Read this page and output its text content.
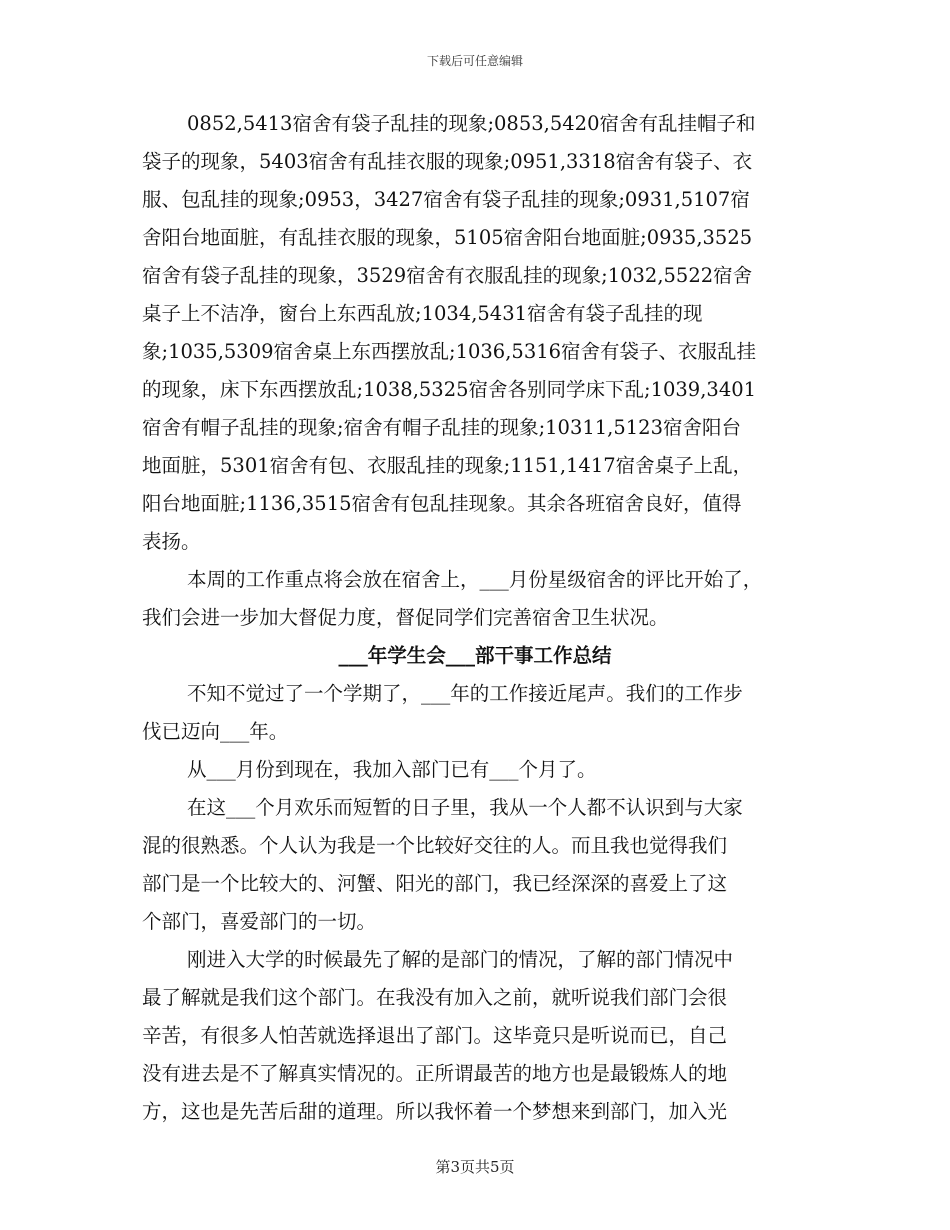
下载后可任意编辑
0852,5413宿舍有袋子乱挂的现象;0853,5420宿舍有乱挂帽子和
袋子的现象，5403宿舍有乱挂衣服的现象;0951,3318宿舍有袋子、衣
服、包乱挂的现象;0953，3427宿舍有袋子乱挂的现象;0931,5107宿
舍阳台地面脏，有乱挂衣服的现象，5105宿舍阳台地面脏;0935,3525
宿舍有袋子乱挂的现象，3529宿舍有衣服乱挂的现象;1032,5522宿舍
桌子上不洁净，窗台上东西乱放;1034,5431宿舍有袋子乱挂的现
象;1035,5309宿舍桌上东西摆放乱;1036,5316宿舍有袋子、衣服乱挂
的现象，床下东西摆放乱;1038,5325宿舍各别同学床下乱;1039,3401
宿舍有帽子乱挂的现象;宿舍有帽子乱挂的现象;10311,5123宿舍阳台
地面脏，5301宿舍有包、衣服乱挂的现象;1151,1417宿舍桌子上乱，
阳台地面脏;1136,3515宿舍有包乱挂现象。其余各班宿舍良好，值得
表扬。
本周的工作重点将会放在宿舍上，___月份星级宿舍的评比开始了，
我们会进一步加大督促力度，督促同学们完善宿舍卫生状况。
___年学生会___部干事工作总结
不知不觉过了一个学期了，___年的工作接近尾声。我们的工作步
伐已迈向___年。
从___月份到现在，我加入部门已有___个月了。
在这___个月欢乐而短暂的日子里，我从一个人都不认识到与大家
混的很熟悉。个人认为我是一个比较好交往的人。而且我也觉得我们
部门是一个比较大的、河蟹、阳光的部门，我已经深深的喜爱上了这
个部门，喜爱部门的一切。
刚进入大学的时候最先了解的是部门的情况，了解的部门情况中
最了解就是我们这个部门。在我没有加入之前，就听说我们部门会很
辛苦，有很多人怕苦就选择退出了部门。这毕竟只是听说而已，自己
没有进去是不了解真实情况的。正所谓最苦的地方也是最锻炼人的地
方，这也是先苦后甜的道理。所以我怀着一个梦想来到部门，加入光
第3页共5页
